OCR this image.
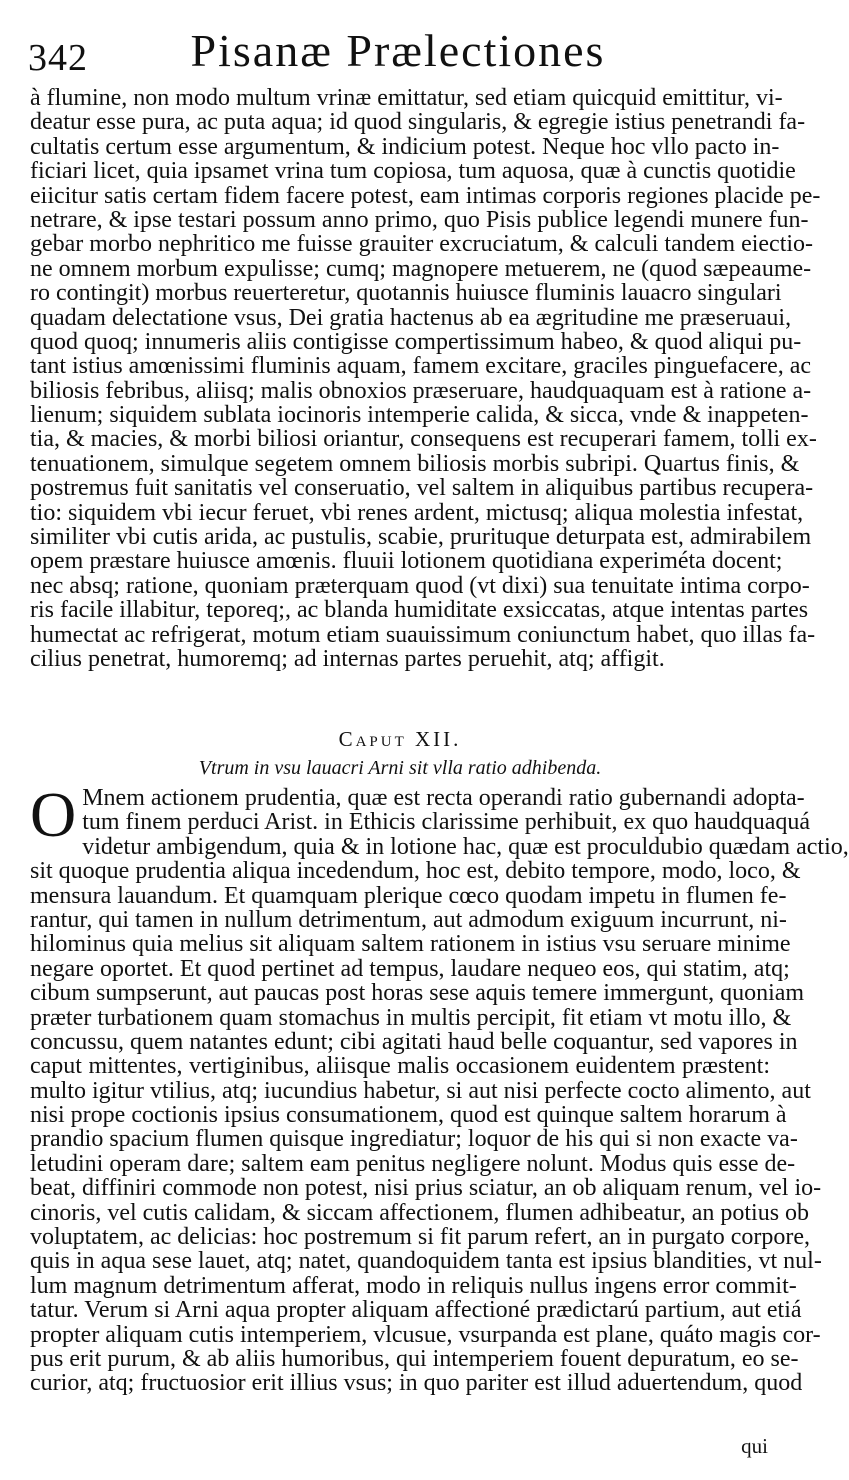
342	Pisanæ Prælectiones
à flumine, non modo multum vrinæ emittatur, sed etiam quicquid emittitur, vi-
deatur esse pura, ac puta aqua; id quod singularis, & egregie istius penetrandi fa-
cultatis certum esse argumentum, & indicium potest. Neque hoc vllo pacto in-
ficiari licet, quia ipsamet vrina tum copiosa, tum aquosa, quæ à cunctis quotidie
eiicitur satis certam fidem facere potest, eam intimas corporis regiones placide pe-
netrare, & ipse testari possum anno primo, quo Pisis publice legendi munere fun-
gebar morbo nephritico me fuisse grauiter excruciatum, & calculi tandem eiectio-
ne omnem morbum expulisse; cumq; magnopere metuerem, ne (quod sæpeaume-
ro contingit) morbus reuerteretur, quotannis huiusce fluminis lauacro singulari
quadam delectatione vsus, Dei gratia hactenus ab ea ægritudine me præseruaui,
quod quoq; innumeris aliis contigisse compertissimum habeo, & quod aliqui pu-
tant istius amœnissimi fluminis aquam, famem excitare, graciles pinguefacere, ac
biliosis febribus, aliisq; malis obnoxios præseruare, haudquaquam est à ratione a-
lienum; siquidem sublata iocinoris intemperie calida, & sicca, vnde & inappeten-
tia, & macies, & morbi biliosi oriantur, consequens est recuperari famem, tolli ex-
tenuationem, simulque segetem omnem biliosis morbis subripi. Quartus finis, &
postremus fuit sanitatis vel conseruatio, vel saltem in aliquibus partibus recupera-
tio: siquidem vbi iecur feruet, vbi renes ardent, mictusq; aliqua molestia infestat,
similiter vbi cutis arida, ac pustulis, scabie, prurituque deturpata est, admirabilem
opem præstare huiusce amœnis. fluuii lotionem quotidiana experiméta docent;
nec absq; ratione, quoniam præterquam quod (vt dixi) sua tenuitate intima corpo-
ris facile illabitur, teporeq;, ac blanda humiditate exsiccatas, atque intentas partes
humectat ac refrigerat, motum etiam suauissimum coniunctum habet, quo illas fa-
cilius penetrat, humoremq; ad internas partes peruehit, atq; affigit.
Caput XII.
Vtrum in vsu lauacri Arni sit vlla ratio adhibenda.
O Mnem actionem prudentia, quæ est recta operandi ratio gubernandi adopta-
tum finem perduci Arist. in Ethicis clarissime perhibuit, ex quo haudquaquá
videtur ambigendum, quia & in lotione hac, quæ est proculdubio quædam actio,
sit quoque prudentia aliqua incedendum, hoc est, debito tempore, modo, loco, &
mensura lauandum. Et quamquam plerique cœco quodam impetu in flumen fe-
rantur, qui tamen in nullum detrimentum, aut admodum exiguum incurrunt, ni-
hilominus quia melius sit aliquam saltem rationem in istius vsu seruare minime
negare oportet. Et quod pertinet ad tempus, laudare nequeo eos, qui statim, atq;
cibum sumpserunt, aut paucas post horas sese aquis temere immergunt, quoniam
præter turbationem quam stomachus in multis percipit, fit etiam vt motu illo, &
concussu, quem natantes edunt; cibi agitati haud belle coquantur, sed vapores in
caput mittentes, vertiginibus, aliisque malis occasionem euidentem præstent:
multo igitur vtilius, atq; iucundius habetur, si aut nisi perfecte cocto alimento, aut
nisi prope coctionis ipsius consumationem, quod est quinque saltem horarum à
prandio spacium flumen quisque ingrediatur; loquor de his qui si non exacte va-
letudini operam dare; saltem eam penitus negligere nolunt. Modus quis esse de-
beat, diffiniri commode non potest, nisi prius sciatur, an ob aliquam renum, vel io-
cinoris, vel cutis calidam, & siccam affectionem, flumen adhibeatur, an potius ob
voluptatem, ac delicias: hoc postremum si fit parum refert, an in purgato corpore,
quis in aqua sese lauet, atq; natet, quandoquidem tanta est ipsius blandities, vt nul-
lum magnum detrimentum afferat, modo in reliquis nullus ingens error commit-
tatur. Verum si Arni aqua propter aliquam affectioné prædictarú partium, aut etiá
propter aliquam cutis intemperiem, vlcusue, vsurpanda est plane, quáto magis cor-
pus erit purum, & ab aliis humoribus, qui intemperiem fouent depuratum, eo se-
curior, atq; fructuosior erit illius vsus; in quo pariter est illud aduertendum, quod
qui
